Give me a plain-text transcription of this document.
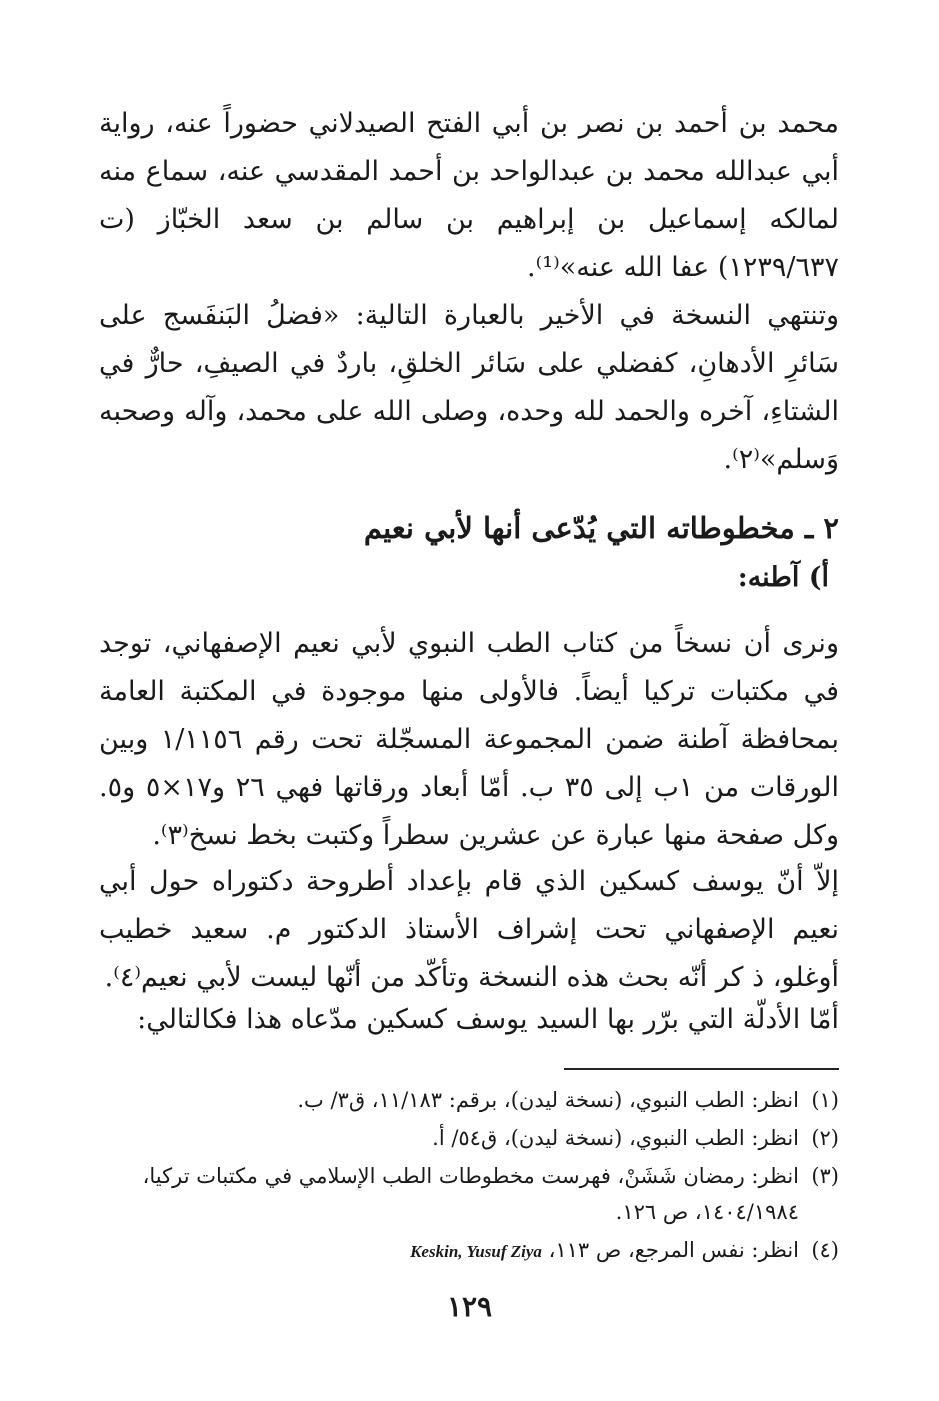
محمد بن أحمد بن نصر بن أبي الفتح الصيدلاني حضوراً عنه، رواية أبي عبدالله محمد بن عبدالواحد بن أحمد المقدسي عنه، سماع منه لمالكه إسماعيل بن إبراهيم بن سالم بن سعد الخبّاز (ت ١٢٣٩/٦٣٧) عفا الله عنه»⁽¹⁾.

وتنتهي النسخة في الأخير بالعبارة التالية: «فضلُ البَنفَسج على سَائرِ الأدهانِ، كفضلي على سَائر الخلقِ، باردٌ في الصيفِ، حارٌّ في الشتاءِ، آخره والحمد لله وحده، وصلى الله على محمد، وآله وصحبه وَسلم»⁽٢⁾.

٢ ـ مخطوطاته التي يُدّعى أنها لأبي نعيم
أ) آطنه:

ونرى أن نسخاً من كتاب الطب النبوي لأبي نعيم الإصفهاني، توجد في مكتبات تركيا أيضاً. فالأولى منها موجودة في المكتبة العامة بمحافظة آطنة ضمن المجموعة المسجّلة تحت رقم ١/١١٥٦ وبين الورقات من ١ب إلى ٣٥ ب. أمّا أبعاد ورقاتها فهي ٢٦ و١٧×٥ و٥. وكل صفحة منها عبارة عن عشرين سطراً وكتبت بخط نسخ⁽٣⁾.

إلاّ أنّ يوسف كسكين الذي قام بإعداد أطروحة دكتوراه حول أبي نعيم الإصفهاني تحت إشراف الأستاذ الدكتور م. سعيد خطيب أوغلو، ذ كر أنّه بحث هذه النسخة وتأكّد من أنّها ليست لأبي نعيم⁽٤⁾.

أمّا الأدلّة التي برّر بها السيد يوسف كسكين مدّعاه هذا فكالتالي:

(١)
انظر: الطب النبوي، (نسخة ليدن)، برقم: ١١/١٨٣، ق٣/ ب.
(٢)
انظر: الطب النبوي، (نسخة ليدن)، ق٥٤/ أ.
(٣)
انظر: رمضان شَشَنْ، فهرست مخطوطات الطب الإسلامي في مكتبات تركيا، ١٤٠٤/١٩٨٤، ص ١٢٦.
(٤)
انظر: نفس المرجع، ص ١١٣، Keskin, Yusuf Ziya
١٢٩
